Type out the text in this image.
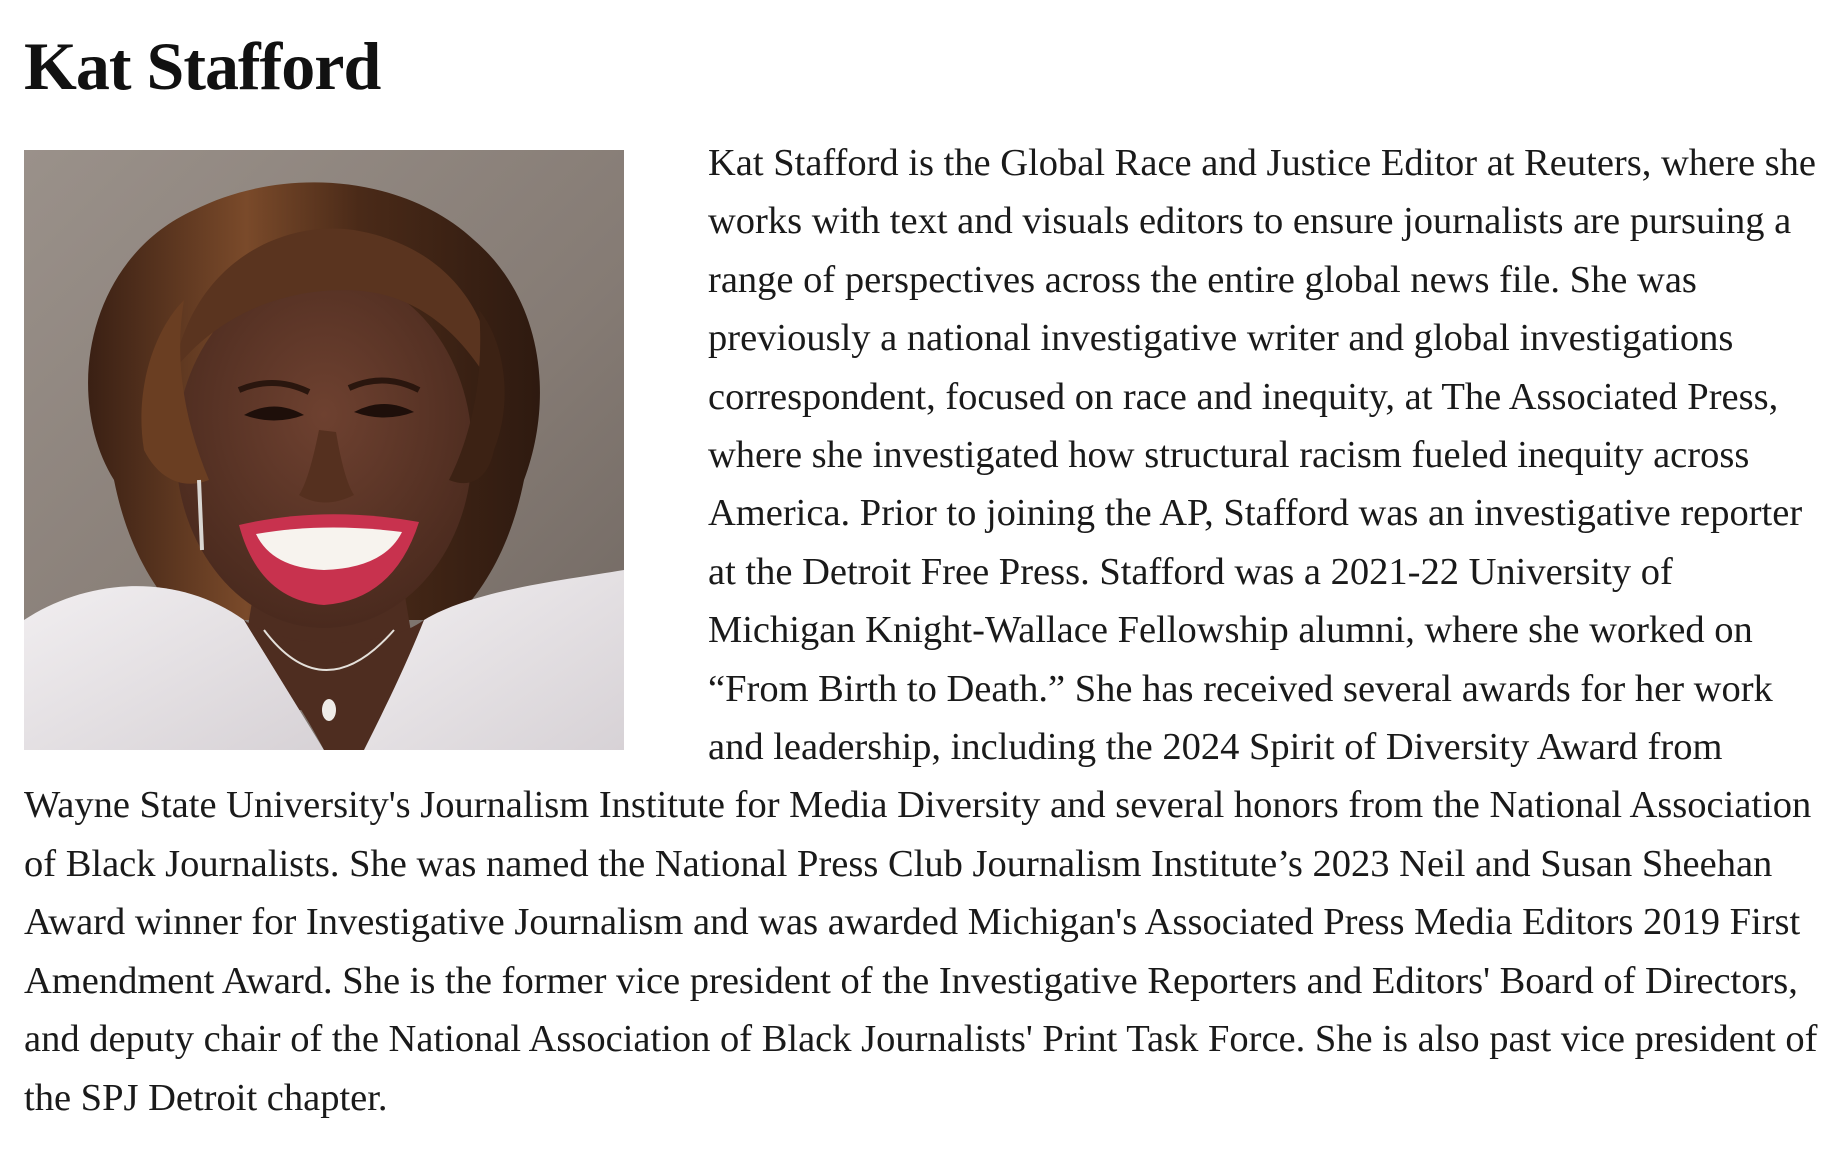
Kat Stafford

Kat Stafford is the Global Race and Justice Editor at Reuters, where she works with text and visuals editors to ensure journalists are pursuing a range of perspectives across the entire global news file. She was previously a national investigative writer and global investigations correspondent, focused on race and inequity, at The Associated Press, where she investigated how structural racism fueled inequity across America. Prior to joining the AP, Stafford was an investigative reporter at the Detroit Free Press. Stafford was a 2021-22 University of Michigan Knight-Wallace Fellowship alumni, where she worked on “From Birth to Death.” She has received several awards for her work and leadership, including the 2024 Spirit of Diversity Award from Wayne State University's Journalism Institute for Media Diversity and several honors from the National Association of Black Journalists. She was named the National Press Club Journalism Institute’s 2023 Neil and Susan Sheehan Award winner for Investigative Journalism and was awarded Michigan's Associated Press Media Editors 2019 First Amendment Award. She is the former vice president of the Investigative Reporters and Editors' Board of Directors, and deputy chair of the National Association of Black Journalists' Print Task Force. She is also past vice president of the SPJ Detroit chapter.
